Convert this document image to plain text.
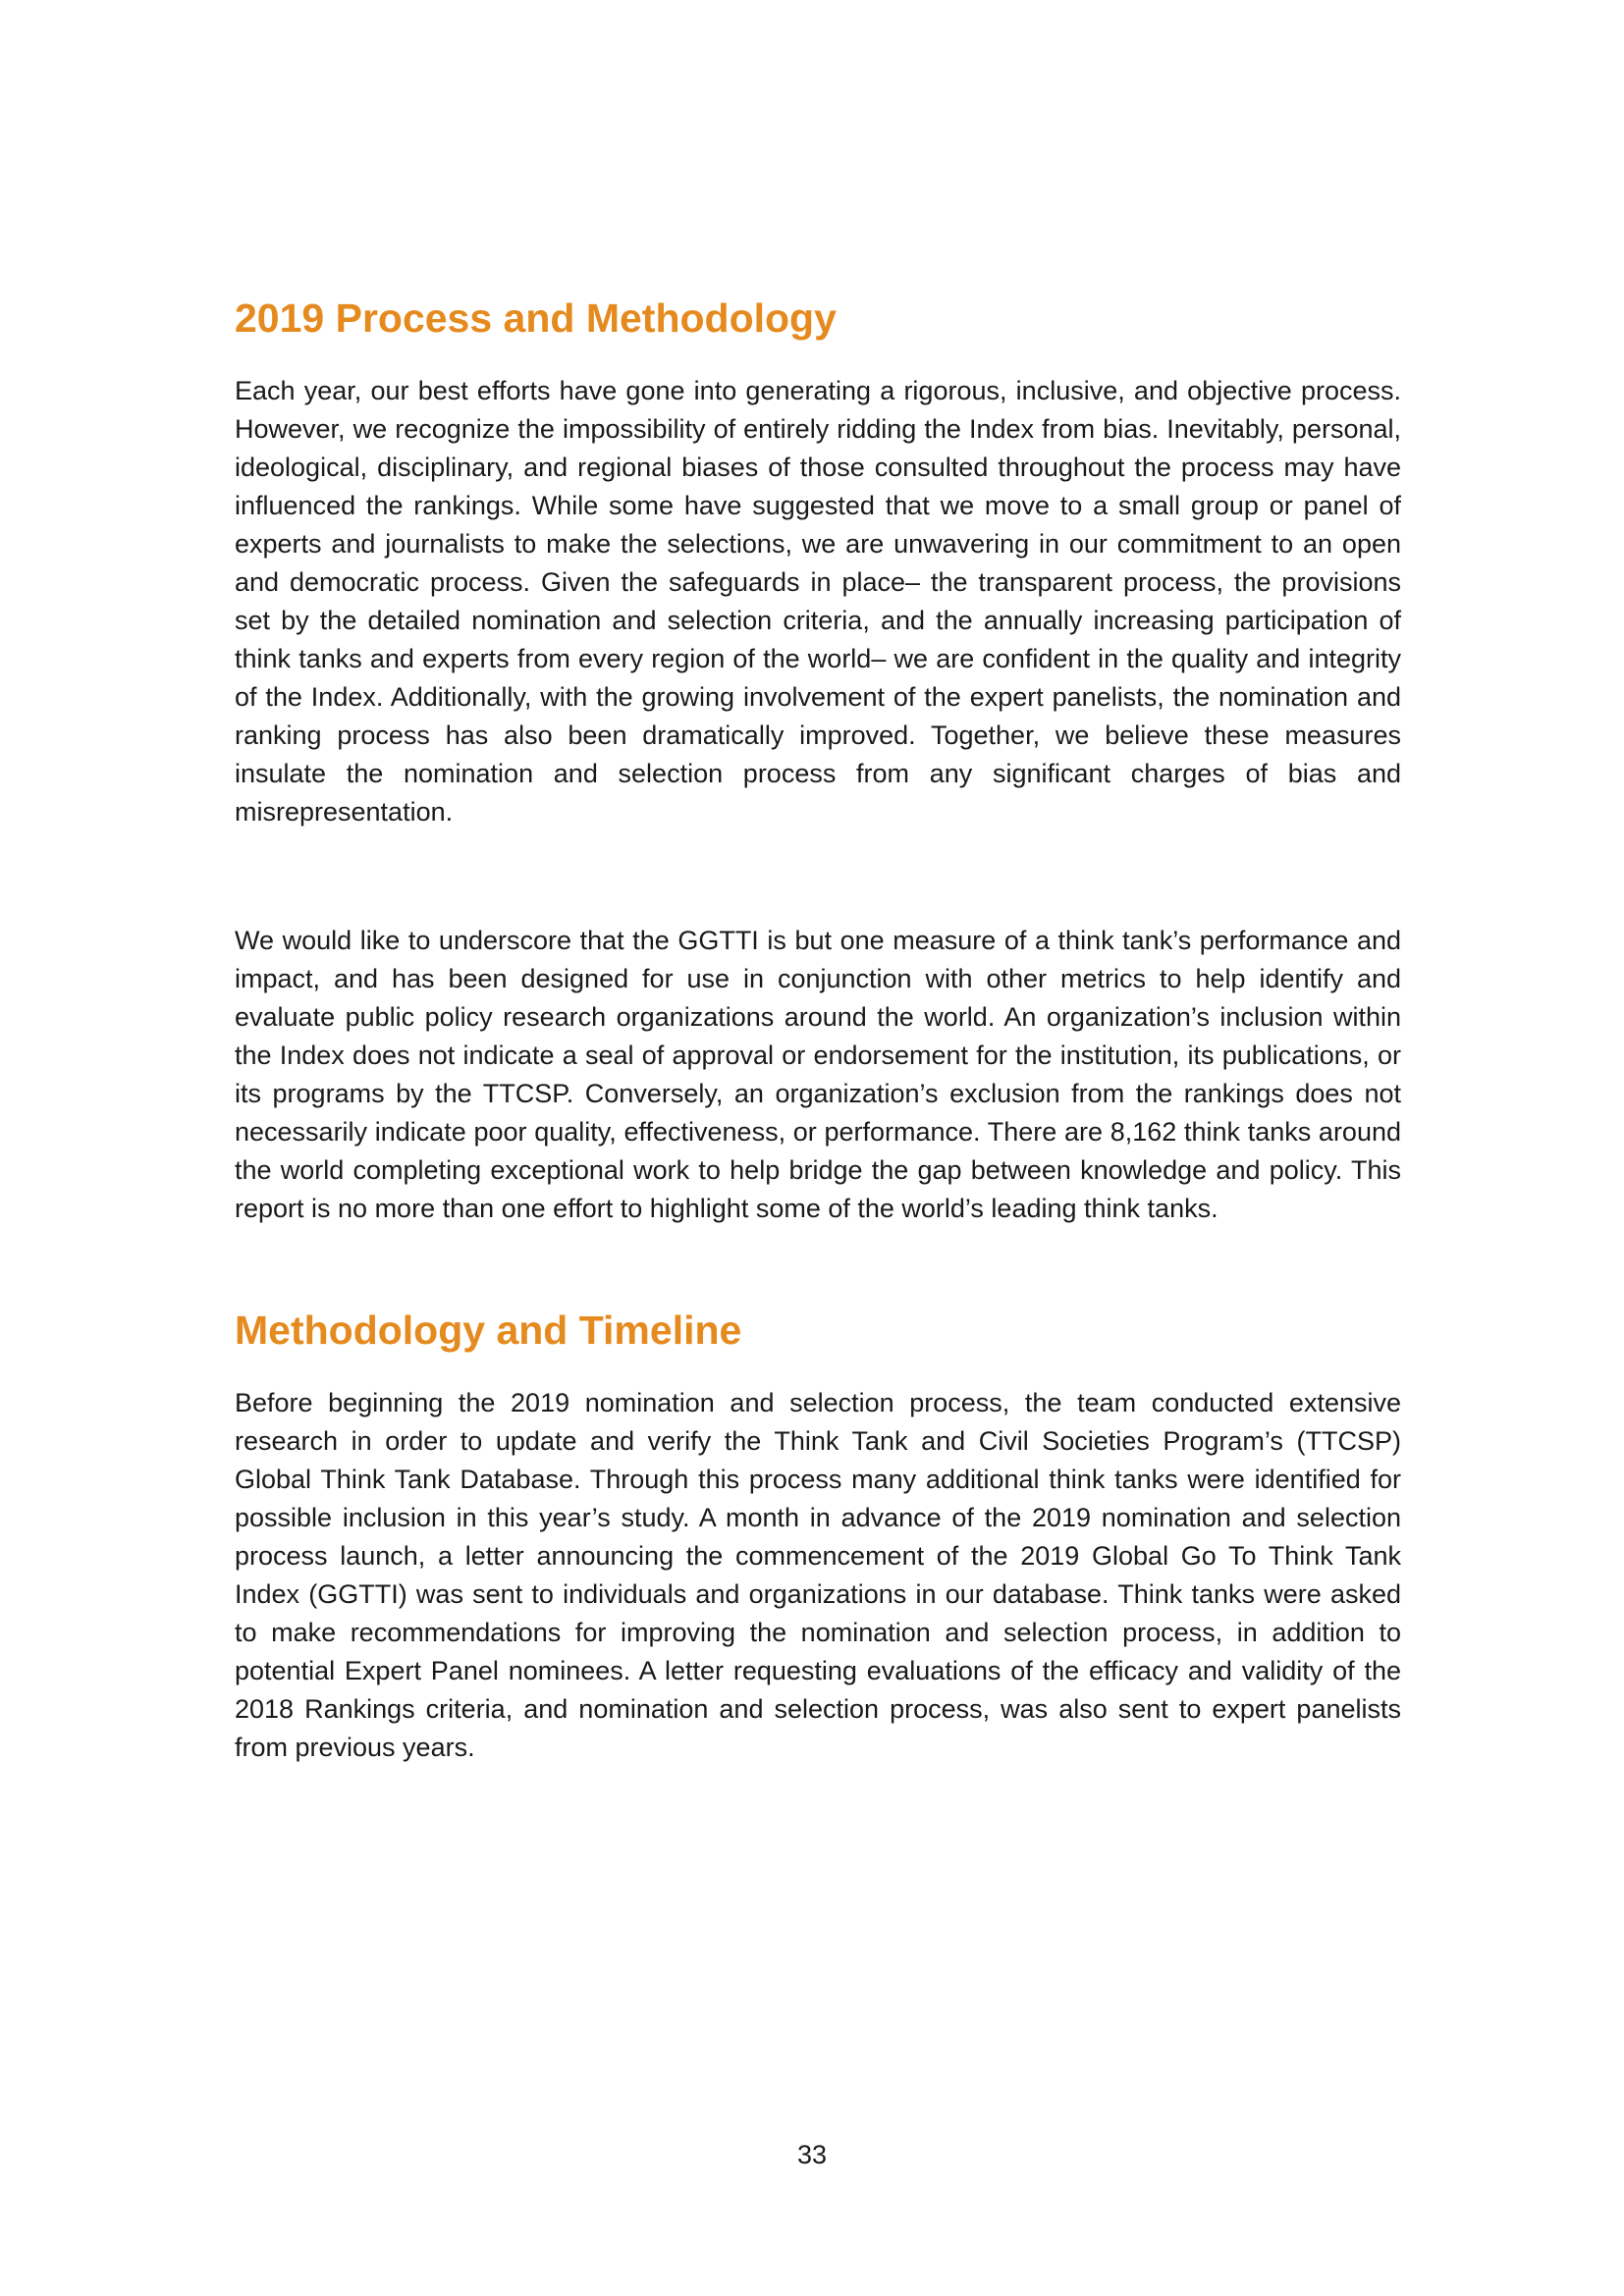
2019 Process and Methodology

Each year, our best efforts have gone into generating a rigorous, inclusive, and objective process. However, we recognize the impossibility of entirely ridding the Index from bias. Inevitably, personal, ideological, disciplinary, and regional biases of those consulted throughout the process may have influenced the rankings. While some have suggested that we move to a small group or panel of experts and journalists to make the selections, we are unwavering in our commitment to an open and democratic process. Given the safeguards in place– the transparent process, the provisions set by the detailed nomination and selection criteria, and the annually increasing participation of think tanks and experts from every region of the world– we are confident in the quality and integrity of the Index. Additionally, with the growing involvement of the expert panelists, the nomination and ranking process has also been dramatically improved. Together, we believe these measures insulate the nomination and selection process from any significant charges of bias and misrepresentation.

We would like to underscore that the GGTTI is but one measure of a think tank’s performance and impact, and has been designed for use in conjunction with other metrics to help identify and evaluate public policy research organizations around the world. An organization’s inclusion within the Index does not indicate a seal of approval or endorsement for the institution, its publications, or its programs by the TTCSP. Conversely, an organization’s exclusion from the rankings does not necessarily indicate poor quality, effectiveness, or performance. There are 8,162 think tanks around the world completing exceptional work to help bridge the gap between knowledge and policy. This report is no more than one effort to highlight some of the world’s leading think tanks.

Methodology and Timeline

Before beginning the 2019 nomination and selection process, the team conducted extensive research in order to update and verify the Think Tank and Civil Societies Program’s (TTCSP) Global Think Tank Database. Through this process many additional think tanks were identified for possible inclusion in this year’s study. A month in advance of the 2019 nomination and selection process launch, a letter announcing the commencement of the 2019 Global Go To Think Tank Index (GGTTI) was sent to individuals and organizations in our database. Think tanks were asked to make recommendations for improving the nomination and selection process, in addition to potential Expert Panel nominees. A letter requesting evaluations of the efficacy and validity of the 2018 Rankings criteria, and nomination and selection process, was also sent to expert panelists from previous years.

33
